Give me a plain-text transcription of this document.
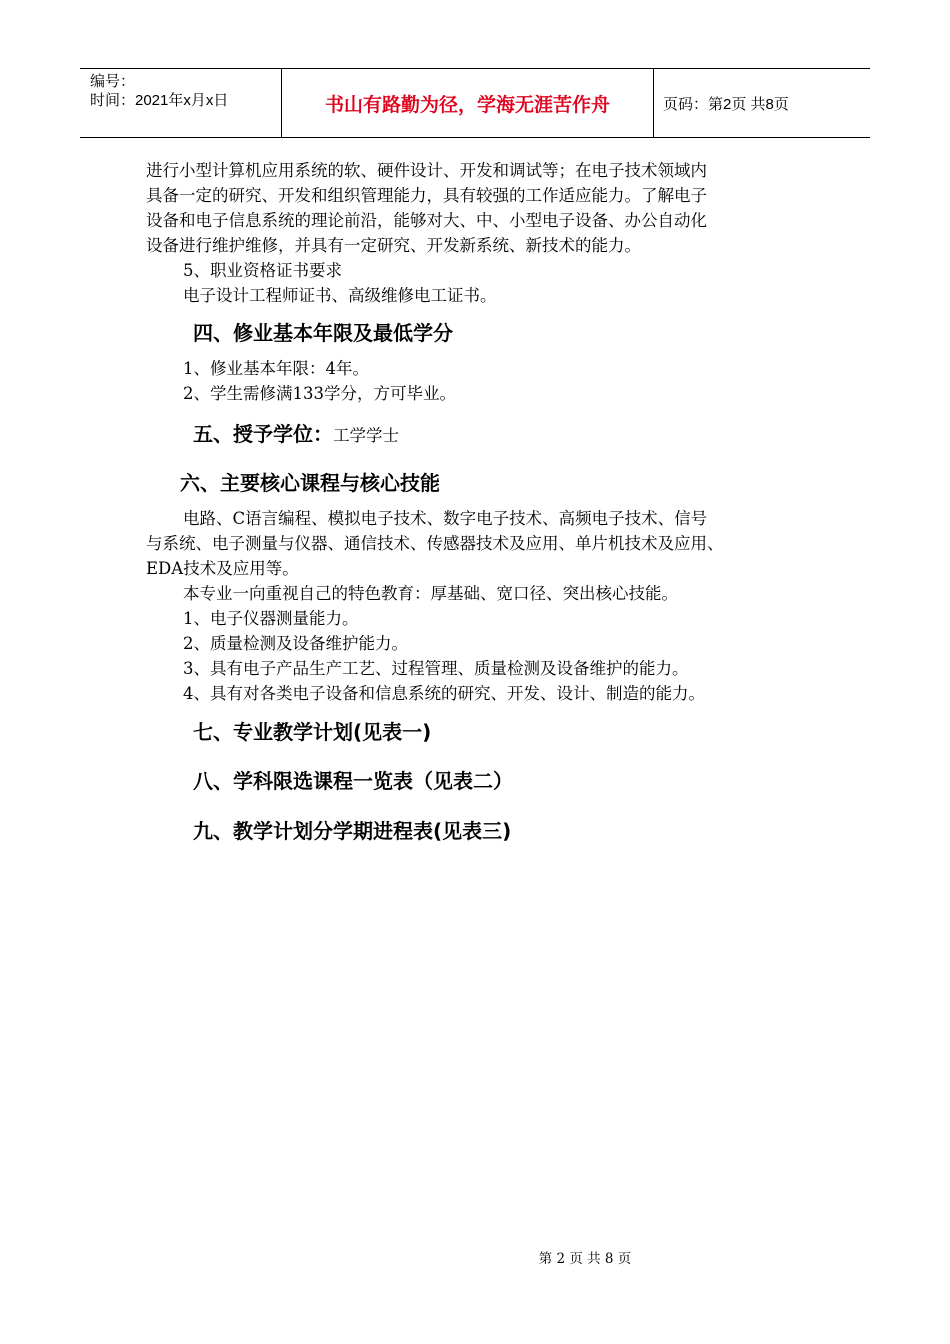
编号：
时间：2021年x月x日	书山有路勤为径，学海无涯苦作舟	页码：第2页 共8页
进行小型计算机应用系统的软、硬件设计、开发和调试等；在电子技术领域内
具备一定的研究、开发和组织管理能力，具有较强的工作适应能力。了解电子
设备和电子信息系统的理论前沿，能够对大、中、小型电子设备、办公自动化
设备进行维护维修，并具有一定研究、开发新系统、新技术的能力。
5、职业资格证书要求
电子设计工程师证书、高级维修电工证书。
四、修业基本年限及最低学分
1、修业基本年限：4年。
2、学生需修满133学分，方可毕业。
五、授予学位：工学学士
六、主要核心课程与核心技能
电路、C语言编程、模拟电子技术、数字电子技术、高频电子技术、信号
与系统、电子测量与仪器、通信技术、传感器技术及应用、单片机技术及应用、
EDA技术及应用等。
本专业一向重视自己的特色教育：厚基础、宽口径、突出核心技能。
1、电子仪器测量能力。
2、质量检测及设备维护能力。
3、具有电子产品生产工艺、过程管理、质量检测及设备维护的能力。
4、具有对各类电子设备和信息系统的研究、开发、设计、制造的能力。
七、专业教学计划(见表一)
八、学科限选课程一览表（见表二）
九、教学计划分学期进程表(见表三)
第 2 页 共 8 页
